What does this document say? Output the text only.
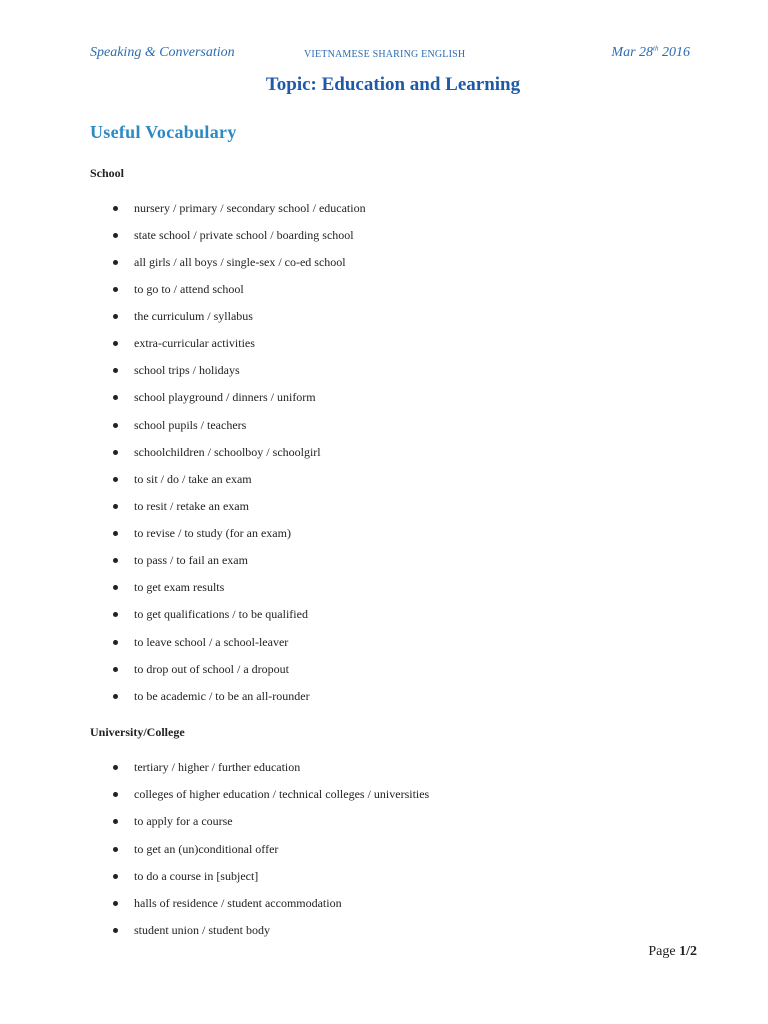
Speaking & Conversation	VIETNAMESE SHARING ENGLISH	Mar 28th 2016
Topic: Education and Learning
Useful Vocabulary
School
nursery / primary / secondary school / education
state school / private school / boarding school
all girls / all boys / single-sex / co-ed school
to go to / attend school
the curriculum / syllabus
extra-curricular activities
school trips / holidays
school playground / dinners / uniform
school pupils / teachers
schoolchildren / schoolboy / schoolgirl
to sit / do / take an exam
to resit / retake an exam
to revise / to study (for an exam)
to pass / to fail an exam
to get exam results
to get qualifications / to be qualified
to leave school / a school-leaver
to drop out of school / a dropout
to be academic / to be an all-rounder
University/College
tertiary / higher / further education
colleges of higher education / technical colleges / universities
to apply for a course
to get an (un)conditional offer
to do a course in [subject]
halls of residence / student accommodation
student union / student body
Page 1/2
